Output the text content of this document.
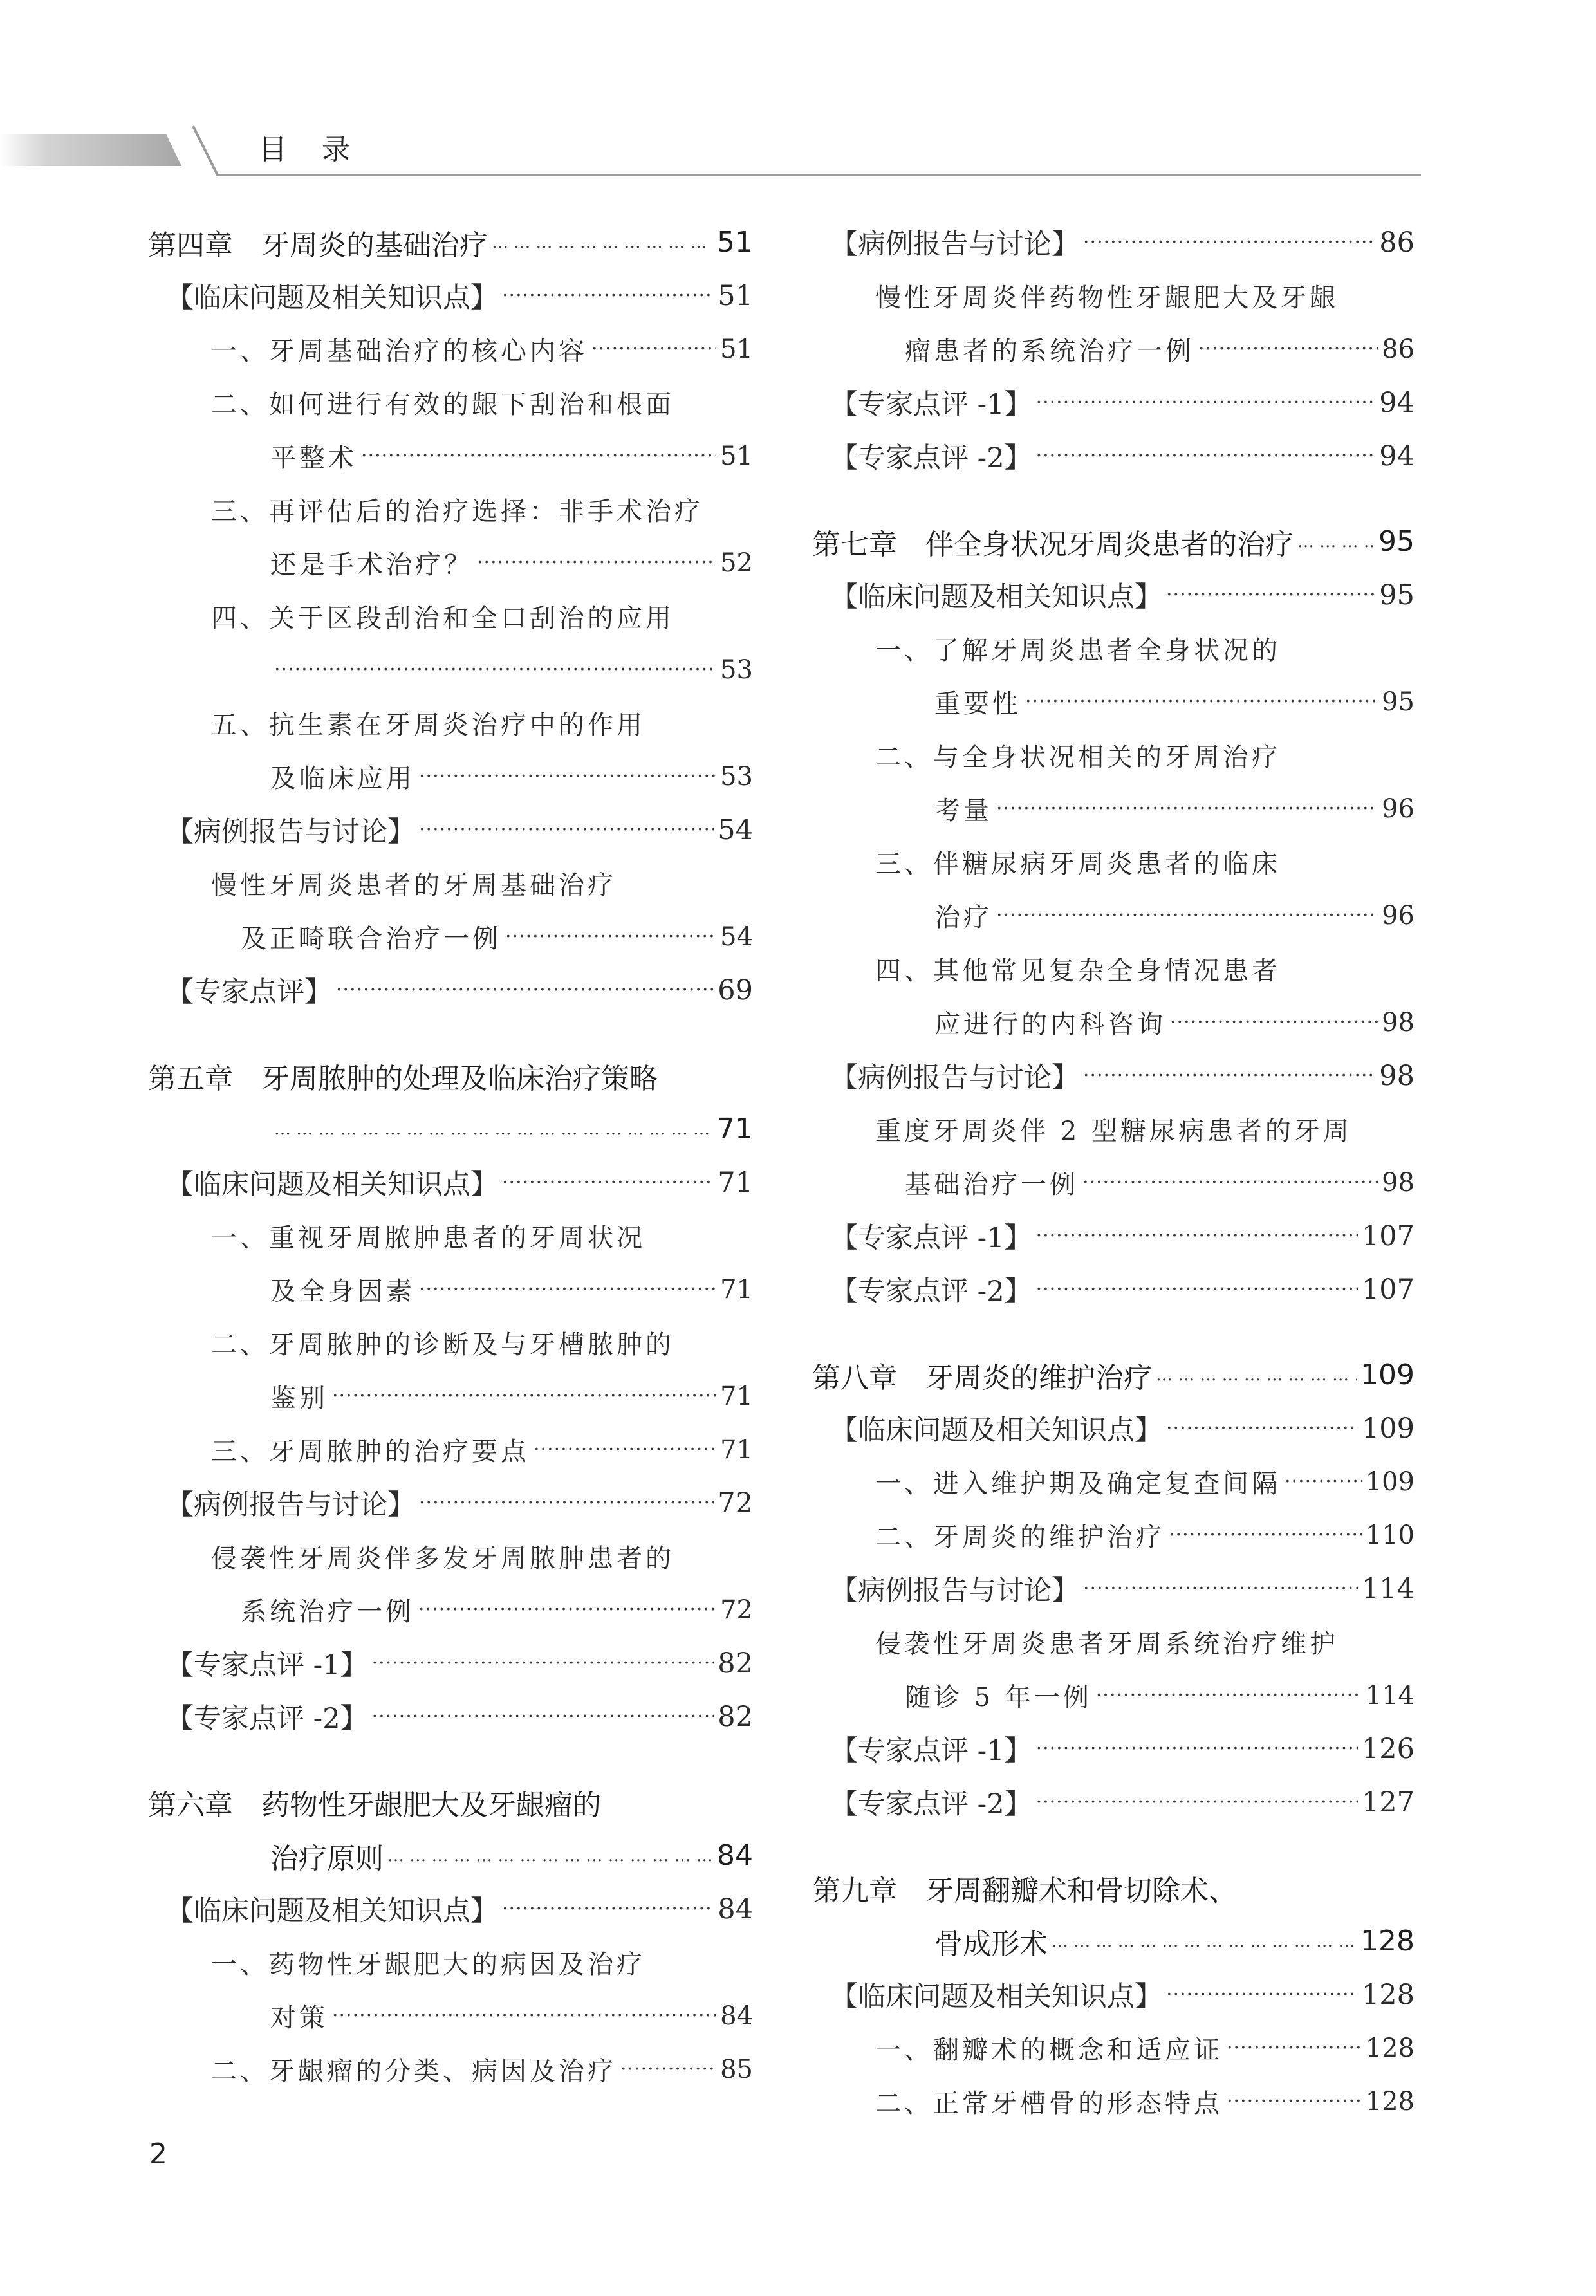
目 录
第四章　牙周炎的基础治疗 … … … … … … … … … … … … … … … … … … … … … … … … … … … … … … … … … … … … … … … … … … … … … …	51
【临床问题及相关知识点】 ·····	51
一、牙周基础治疗的核心内容 ·····	51
二、如何进行有效的龈下刮治和根面
平整术 ·····	51
三、再评估后的治疗选择：非手术治疗
还是手术治疗？ ·····	52
四、关于区段刮治和全口刮治的应用
·····
53
五、抗生素在牙周炎治疗中的作用
及临床应用 ·····	53
【病例报告与讨论】 ·····	54
慢性牙周炎患者的牙周基础治疗
及正畸联合治疗一例 ·····	54
【专家点评】 ·····	69
第五章　牙周脓肿的处理及临床治疗策略
… … … … … … … … … … … … … … … … … … … … … … … … … … … … … … … … … … … … … … … … … … … … … …
71
【临床问题及相关知识点】 ·····	71
一、重视牙周脓肿患者的牙周状况
及全身因素 ·····	71
二、牙周脓肿的诊断及与牙槽脓肿的
鉴别 ·····	71
三、牙周脓肿的治疗要点 ·····	71
【病例报告与讨论】 ·····	72
侵袭性牙周炎伴多发牙周脓肿患者的
系统治疗一例 ·····	72
【专家点评 -1】 ·····	82
【专家点评 -2】 ·····	82
第六章　药物性牙龈肥大及牙龈瘤的
治疗原则 … … … … … … … … … … … … … … … … … … … … … … … … … … … … … … … … … … … … … … … … … … … … … …	84
【临床问题及相关知识点】 ·····	84
一、药物性牙龈肥大的病因及治疗
对策 ·····	84
二、牙龈瘤的分类、病因及治疗 ·····	85
【病例报告与讨论】 ·····	86
慢性牙周炎伴药物性牙龈肥大及牙龈
瘤患者的系统治疗一例 ·····	86
【专家点评 -1】 ·····	94
【专家点评 -2】 ·····	94
第七章　伴全身状况牙周炎患者的治疗 … … … … … … … … … … … … … … … … … … … … … … … … … … … … … … … … … … … … … … … … … … … … … …	95
【临床问题及相关知识点】 ·····	95
一、了解牙周炎患者全身状况的
重要性 ·····	95
二、与全身状况相关的牙周治疗
考量 ·····	96
三、伴糖尿病牙周炎患者的临床
治疗 ·····	96
四、其他常见复杂全身情况患者
应进行的内科咨询 ·····	98
【病例报告与讨论】 ·····	98
重度牙周炎伴 2 型糖尿病患者的牙周
基础治疗一例 ·····	98
【专家点评 -1】 ·····	107
【专家点评 -2】 ·····	107
第八章　牙周炎的维护治疗 … … … … … … … … … … … … … … … … … … … … … … … … … … … … … … … … … … … … … … … … … … … … … …	109
【临床问题及相关知识点】 ·····	109
一、进入维护期及确定复查间隔 ·····	109
二、牙周炎的维护治疗 ·····	110
【病例报告与讨论】 ·····	114
侵袭性牙周炎患者牙周系统治疗维护
随诊 5 年一例 ·····	114
【专家点评 -1】 ·····	126
【专家点评 -2】 ·····	127
第九章　牙周翻瓣术和骨切除术、
骨成形术 … … … … … … … … … … … … … … … … … … … … … … … … … … … … … … … … … … … … … … … … … … … … … …	128
【临床问题及相关知识点】 ·····	128
一、翻瓣术的概念和适应证 ·····	128
二、正常牙槽骨的形态特点 ·····	128
2
